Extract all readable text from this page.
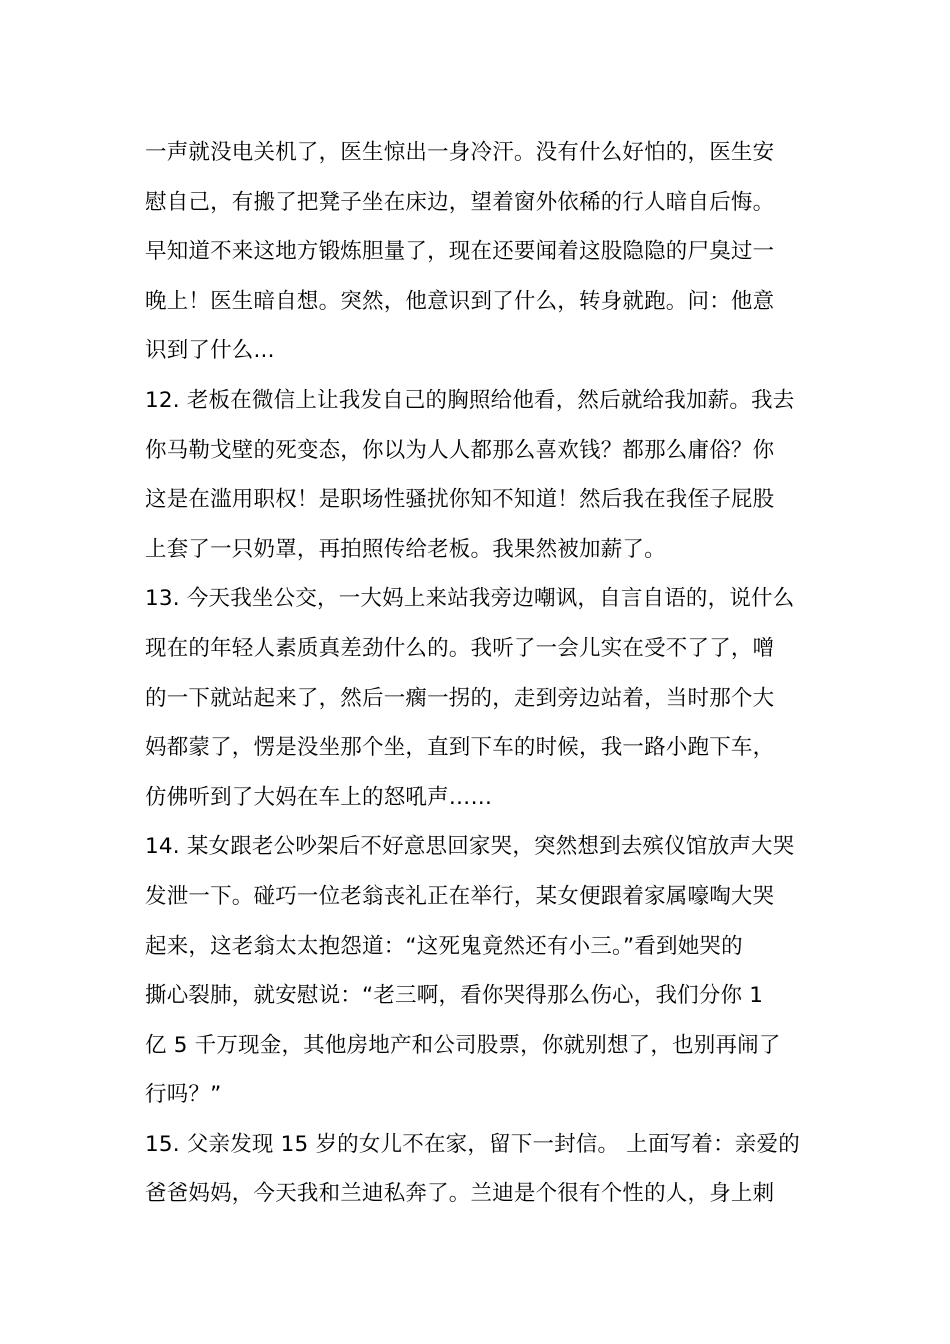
一声就没电关机了，医生惊出一身冷汗。没有什么好怕的，医生安
慰自己，有搬了把凳子坐在床边，望着窗外依稀的行人暗自后悔。
早知道不来这地方锻炼胆量了，现在还要闻着这股隐隐的尸臭过一
晚上！医生暗自想。突然，他意识到了什么，转身就跑。问：他意
识到了什么...
12. 老板在微信上让我发自己的胸照给他看，然后就给我加薪。我去
你马勒戈壁的死变态，你以为人人都那么喜欢钱？都那么庸俗？你
这是在滥用职权！是职场性骚扰你知不知道！然后我在我侄子屁股
上套了一只奶罩，再拍照传给老板。我果然被加薪了。
13. 今天我坐公交，一大妈上来站我旁边嘲讽，自言自语的，说什么
现在的年轻人素质真差劲什么的。我听了一会儿实在受不了了，噌
的一下就站起来了，然后一瘸一拐的，走到旁边站着，当时那个大
妈都蒙了，愣是没坐那个坐，直到下车的时候，我一路小跑下车，
仿佛听到了大妈在车上的怒吼声……
14. 某女跟老公吵架后不好意思回家哭，突然想到去殡仪馆放声大哭
发泄一下。碰巧一位老翁丧礼正在举行，某女便跟着家属嚎啕大哭
起来，这老翁太太抱怨道：“这死鬼竟然还有小三。”看到她哭的
撕心裂肺，就安慰说：“老三啊，看你哭得那么伤心，我们分你 1
亿 5 千万现金，其他房地产和公司股票，你就别想了，也别再闹了
行吗？”
15. 父亲发现 15 岁的女儿不在家，留下一封信。 上面写着：亲爱的
爸爸妈妈，今天我和兰迪私奔了。兰迪是个很有个性的人，身上刺
